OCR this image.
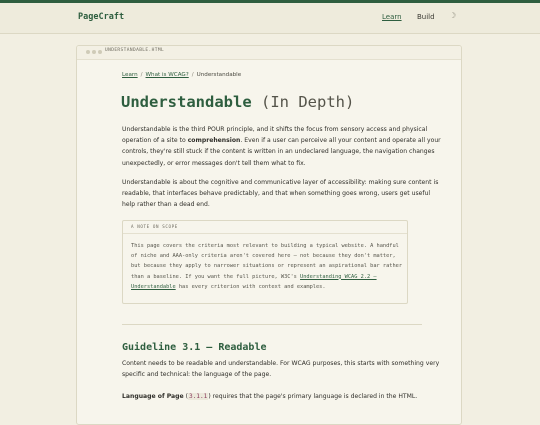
PageCraft	Learn Build ☽
UNDERSTANDABLE.HTML
Learn / What is WCAG? / Understandable
Understandable (In Depth)
Understandable is the third POUR principle, and it shifts the focus from sensory access and physical operation of a site to comprehension. Even if a user can perceive all your content and operate all your controls, they're still stuck if the content is written in an undeclared language, the navigation changes unexpectedly, or error messages don't tell them what to fix.
Understandable is about the cognitive and communicative layer of accessibility: making sure content is readable, that interfaces behave predictably, and that when something goes wrong, users get useful help rather than a dead end.
A NOTE ON SCOPE
This page covers the criteria most relevant to building a typical website. A handful of niche and AAA-only criteria aren't covered here — not because they don't matter, but because they apply to narrower situations or represent an aspirational bar rather than a baseline. If you want the full picture, W3C's Understanding WCAG 2.2 — Understandable has every criterion with context and examples.
Guideline 3.1 — Readable
Content needs to be readable and understandable. For WCAG purposes, this starts with something very specific and technical: the language of the page.
Language of Page (3.1.1) requires that the page's primary language is declared in the HTML.
